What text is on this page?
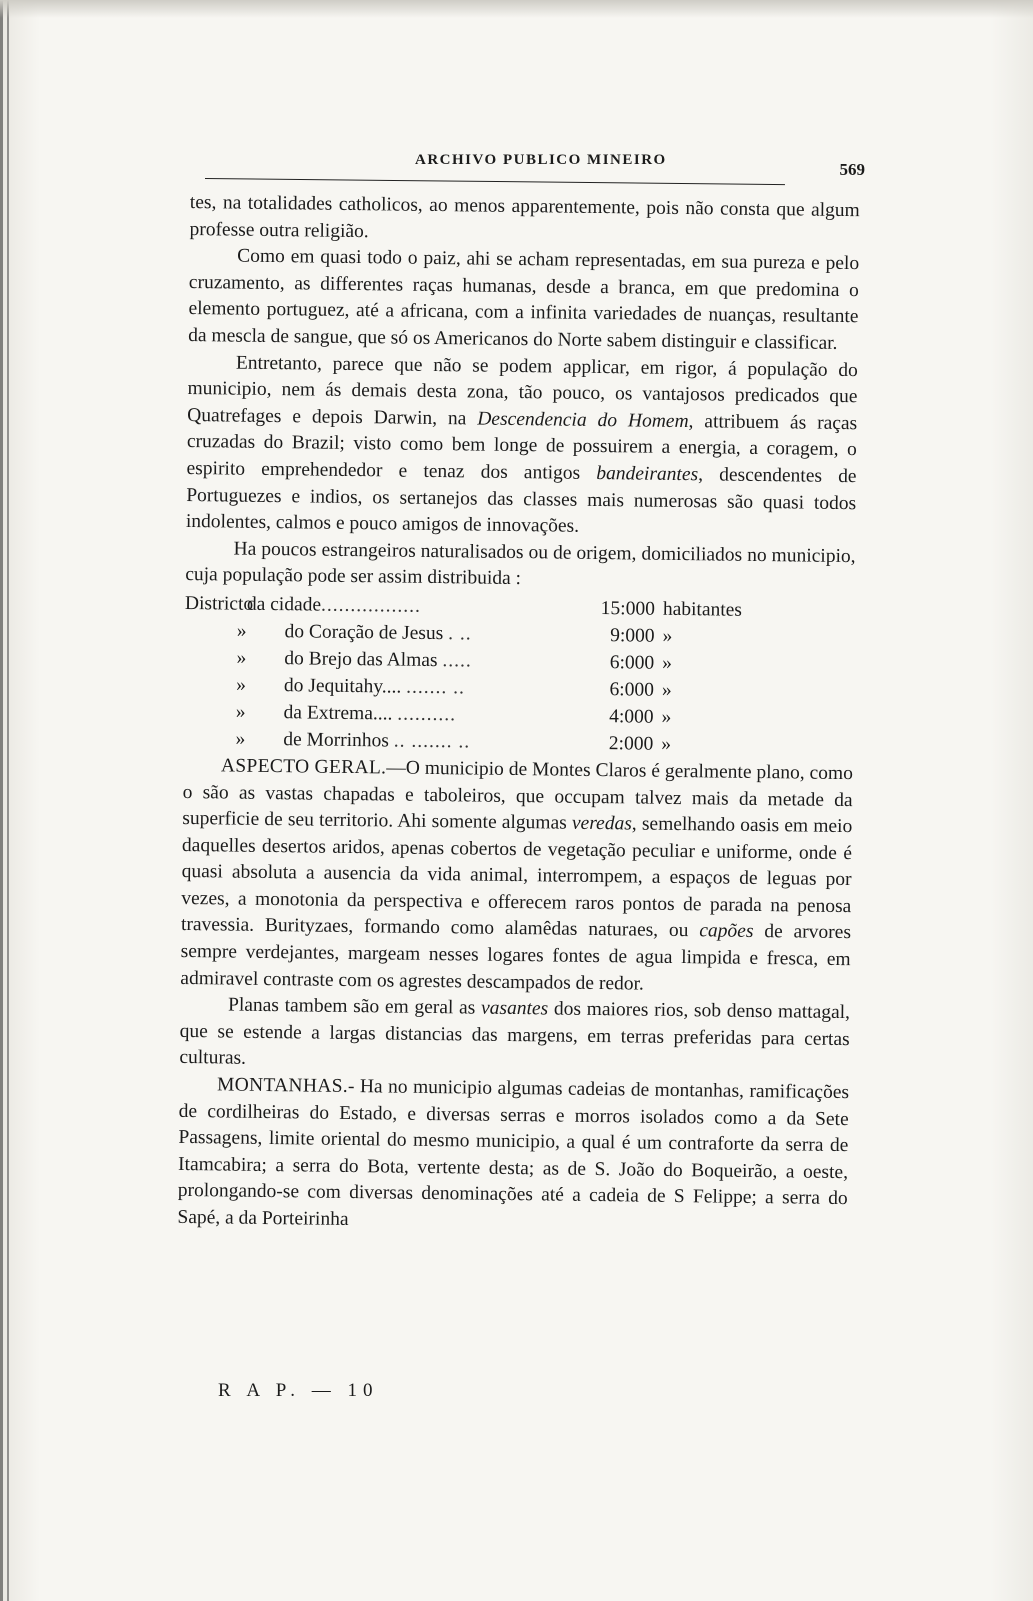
ARCHIVO PUBLICO MINEIRO	569

tes, na totalidades catholicos, ao menos apparentemente, pois não consta que algum professe outra religião.

Como em quasi todo o paiz, ahi se acham representadas, em sua pureza e pelo cruzamento, as differentes raças humanas, desde a branca, em que predomina o elemento portuguez, até a africana, com a infinita variedades de nuanças, resultante da mescla de sangue, que só os Americanos do Norte sabem distinguir e classificar.

Entretanto, parece que não se podem applicar, em rigor, á população do municipio, nem ás demais desta zona, tão pouco, os vantajosos predicados que Quatrefages e depois Darwin, na Descendencia do Homem, attribuem ás raças cruzadas do Brazil; visto como bem longe de possuirem a energia, a coragem, o espirito emprehendedor e tenaz dos antigos bandeirantes, descendentes de Portuguezes e indios, os sertanejos das classes mais numerosas são quasi todos indolentes, calmos e pouco amigos de innovações.

Ha poucos estrangeiros naturalisados ou de origem, domiciliados no municipio, cuja população pode ser assim distribuida :

Districto
da cidade.................	15:000 habitantes
»	do Coração de Jesus . ..	9:000 »
»	do Brejo das Almas .....	6:000 »
»	do Jequitahy.... ....... ..	6:000 »
»	da Extrema.... ..........	4:000 »
»	de Morrinhos .. ....... ..	2:000 »

ASPECTO GERAL.—O municipio de Montes Claros é geralmente plano, como o são as vastas chapadas e taboleiros, que occupam talvez mais da metade da superficie de seu territorio. Ahi somente algumas veredas, semelhando oasis em meio daquelles desertos aridos, apenas cobertos de vegetação peculiar e uniforme, onde é quasi absoluta a ausencia da vida animal, interrompem, a espaços de leguas por vezes, a monotonia da perspectiva e offerecem raros pontos de parada na penosa travessia. Burityzaes, formando como alamêdas naturaes, ou capões de arvores sempre verdejantes, margeam nesses logares fontes de agua limpida e fresca, em admiravel contraste com os agrestes descampados de redor.

Planas tambem são em geral as vasantes dos maiores rios, sob denso mattagal, que se estende a largas distancias das margens, em terras preferidas para certas culturas.

MONTANHAS.- Ha no municipio algumas cadeias de montanhas, ramificações de cordilheiras do Estado, e diversas serras e morros isolados como a da Sete Passagens, limite oriental do mesmo municipio, a qual é um contraforte da serra de Itamcabira; a serra do Bota, vertente desta; as de S. João do Boqueirão, a oeste, prolongando-se com diversas denominações até a cadeia de S Felippe; a serra do Sapé, a da Porteirinha

R A P. — 10
